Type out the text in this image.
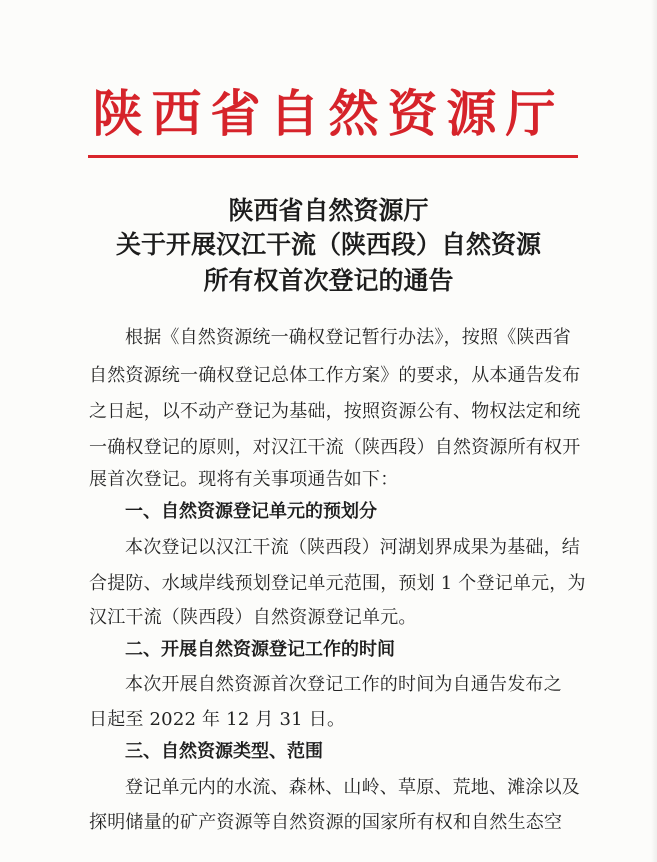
陕西省自然资源厅
陕西省自然资源厅
关于开展汉江干流（陕西段）自然资源
所有权首次登记的通告
根据《自然资源统一确权登记暂行办法》，按照《陕西省
自然资源统一确权登记总体工作方案》的要求，从本通告发布
之日起，以不动产登记为基础，按照资源公有、物权法定和统
一确权登记的原则，对汉江干流（陕西段）自然资源所有权开
展首次登记。现将有关事项通告如下：
一、自然资源登记单元的预划分
本次登记以汉江干流（陕西段）河湖划界成果为基础，结
合提防、水域岸线预划登记单元范围，预划 1 个登记单元，为
汉江干流（陕西段）自然资源登记单元。
二、开展自然资源登记工作的时间
本次开展自然资源首次登记工作的时间为自通告发布之
日起至 2022 年 12 月 31 日。
三、自然资源类型、范围
登记单元内的水流、森林、山岭、草原、荒地、滩涂以及
探明储量的矿产资源等自然资源的国家所有权和自然生态空
